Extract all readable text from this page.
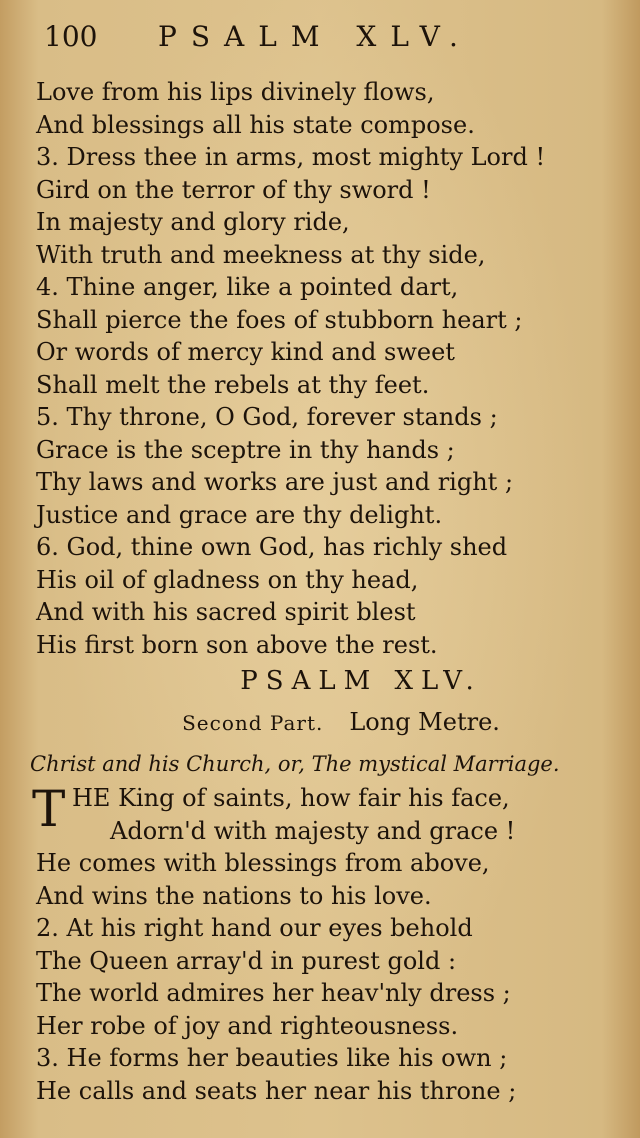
100 PSALM XLV.
Love from his lips divinely flows,
And blessings all his state compose.
3. Dress thee in arms, most mighty Lord !
Gird on the terror of thy sword !
In majesty and glory ride,
With truth and meekness at thy side,
4. Thine anger, like a pointed dart,
Shall pierce the foes of stubborn heart ;
Or words of mercy kind and sweet
Shall melt the rebels at thy feet.
5. Thy throne, O God, forever stands ;
Grace is the sceptre in thy hands ;
Thy laws and works are just and right ;
Justice and grace are thy delight.
6. God, thine own God, has richly shed
His oil of gladness on thy head,
And with his sacred spirit blest
His first born son above the rest.
PSALM XLV.
Second Part. Long Metre.
Christ and his Church, or, The mystical Marriage.
T HE King of saints, how fair his face,
Adorn'd with majesty and grace !
He comes with blessings from above,
And wins the nations to his love.
2. At his right hand our eyes behold
The Queen array'd in purest gold :
The world admires her heav'nly dress ;
Her robe of joy and righteousness.
3. He forms her beauties like his own ;
He calls and seats her near his throne ;
